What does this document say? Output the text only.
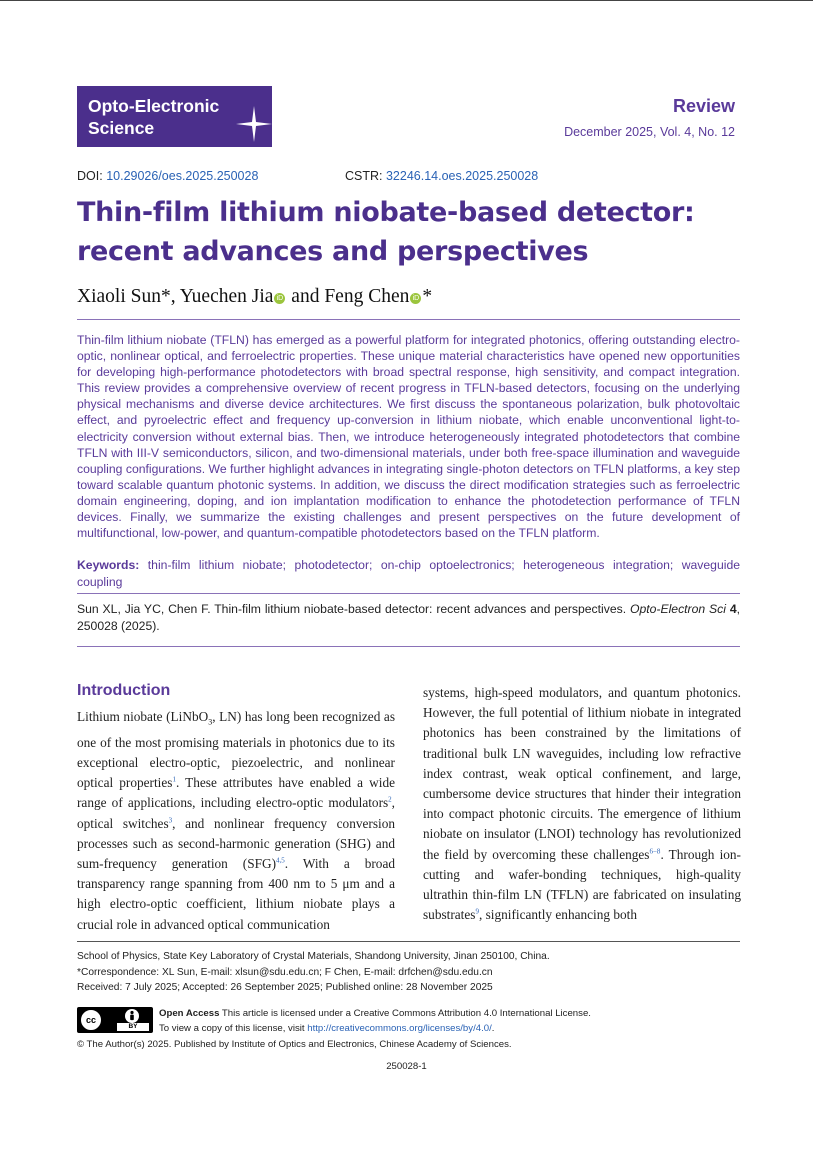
Opto-Electronic
Science
Review
December 2025, Vol. 4, No. 12
DOI: 10.29026/oes.2025.250028	CSTR: 32246.14.oes.2025.250028
Thin-film lithium niobate-based detector: recent advances and perspectives
Xiaoli Sun*, Yuechen Jia iD and Feng Chen iD *

Thin-film lithium niobate (TFLN) has emerged as a powerful platform for integrated photonics, offering outstanding electro-optic, nonlinear optical, and ferroelectric properties. These unique material characteristics have opened new opportunities for developing high-performance photodetectors with broad spectral response, high sensitivity, and compact integration. This review provides a comprehensive overview of recent progress in TFLN-based detectors, focusing on the underlying physical mechanisms and diverse device architectures. We first discuss the spontaneous polarization, bulk photovoltaic effect, and pyroelectric effect and frequency up-conversion in lithium niobate, which enable unconventional light-to-electricity conversion without external bias. Then, we introduce heterogeneously integrated photodetectors that combine TFLN with III-V semiconductors, silicon, and two-dimensional materials, under both free-space illumination and waveguide coupling configurations. We further highlight advances in integrating single-photon detectors on TFLN platforms, a key step toward scalable quantum photonic systems. In addition, we discuss the direct modification strategies such as ferroelectric domain engineering, doping, and ion implantation modification to enhance the photodetection performance of TFLN devices. Finally, we summarize the existing challenges and present perspectives on the future development of multifunctional, low-power, and quantum-compatible photodetectors based on the TFLN platform.

Keywords: thin-film lithium niobate; photodetector; on-chip optoelectronics; heterogeneous integration; waveguide coupling
Sun XL, Jia YC, Chen F. Thin-film lithium niobate-based detector: recent advances and perspectives. Opto-Electron Sci 4, 250028 (2025).
Introduction

Lithium niobate (LiNbO$_3$, LN) has long been recognized as one of the most promising materials in photonics due to its exceptional electro-optic, piezoelectric, and nonlinear optical properties$^1$. These attributes have enabled a wide range of applications, including electro-optic modulators$^2$, optical switches$^3$, and nonlinear frequency conversion processes such as second-harmonic generation (SHG) and sum-frequency generation (SFG)$^{4,5}$. With a broad transparency range spanning from 400 nm to 5 μm and a high electro-optic coefficient, lithium niobate plays a crucial role in advanced optical communication

systems, high-speed modulators, and quantum photonics. However, the full potential of lithium niobate in integrated photonics has been constrained by the limitations of traditional bulk LN waveguides, including low refractive index contrast, weak optical confinement, and large, cumbersome device structures that hinder their integration into compact photonic circuits. The emergence of lithium niobate on insulator (LNOI) technology has revolutionized the field by overcoming these challenges$^{6-8}$. Through ion-cutting and wafer-bonding techniques, high-quality ultrathin thin-film LN (TFLN) are fabricated on insulating substrates$^9$, significantly enhancing both

School of Physics, State Key Laboratory of Crystal Materials, Shandong University, Jinan 250100, China.
*Correspondence: XL Sun, E-mail: xlsun@sdu.edu.cn; F Chen, E-mail: drfchen@sdu.edu.cn
Received: 7 July 2025; Accepted: 26 September 2025; Published online: 28 November 2025
cc
BY
Open Access This article is licensed under a Creative Commons Attribution 4.0 International License.
To view a copy of this license, visit http://creativecommons.org/licenses/by/4.0/.
© The Author(s) 2025. Published by Institute of Optics and Electronics, Chinese Academy of Sciences.
250028-1
